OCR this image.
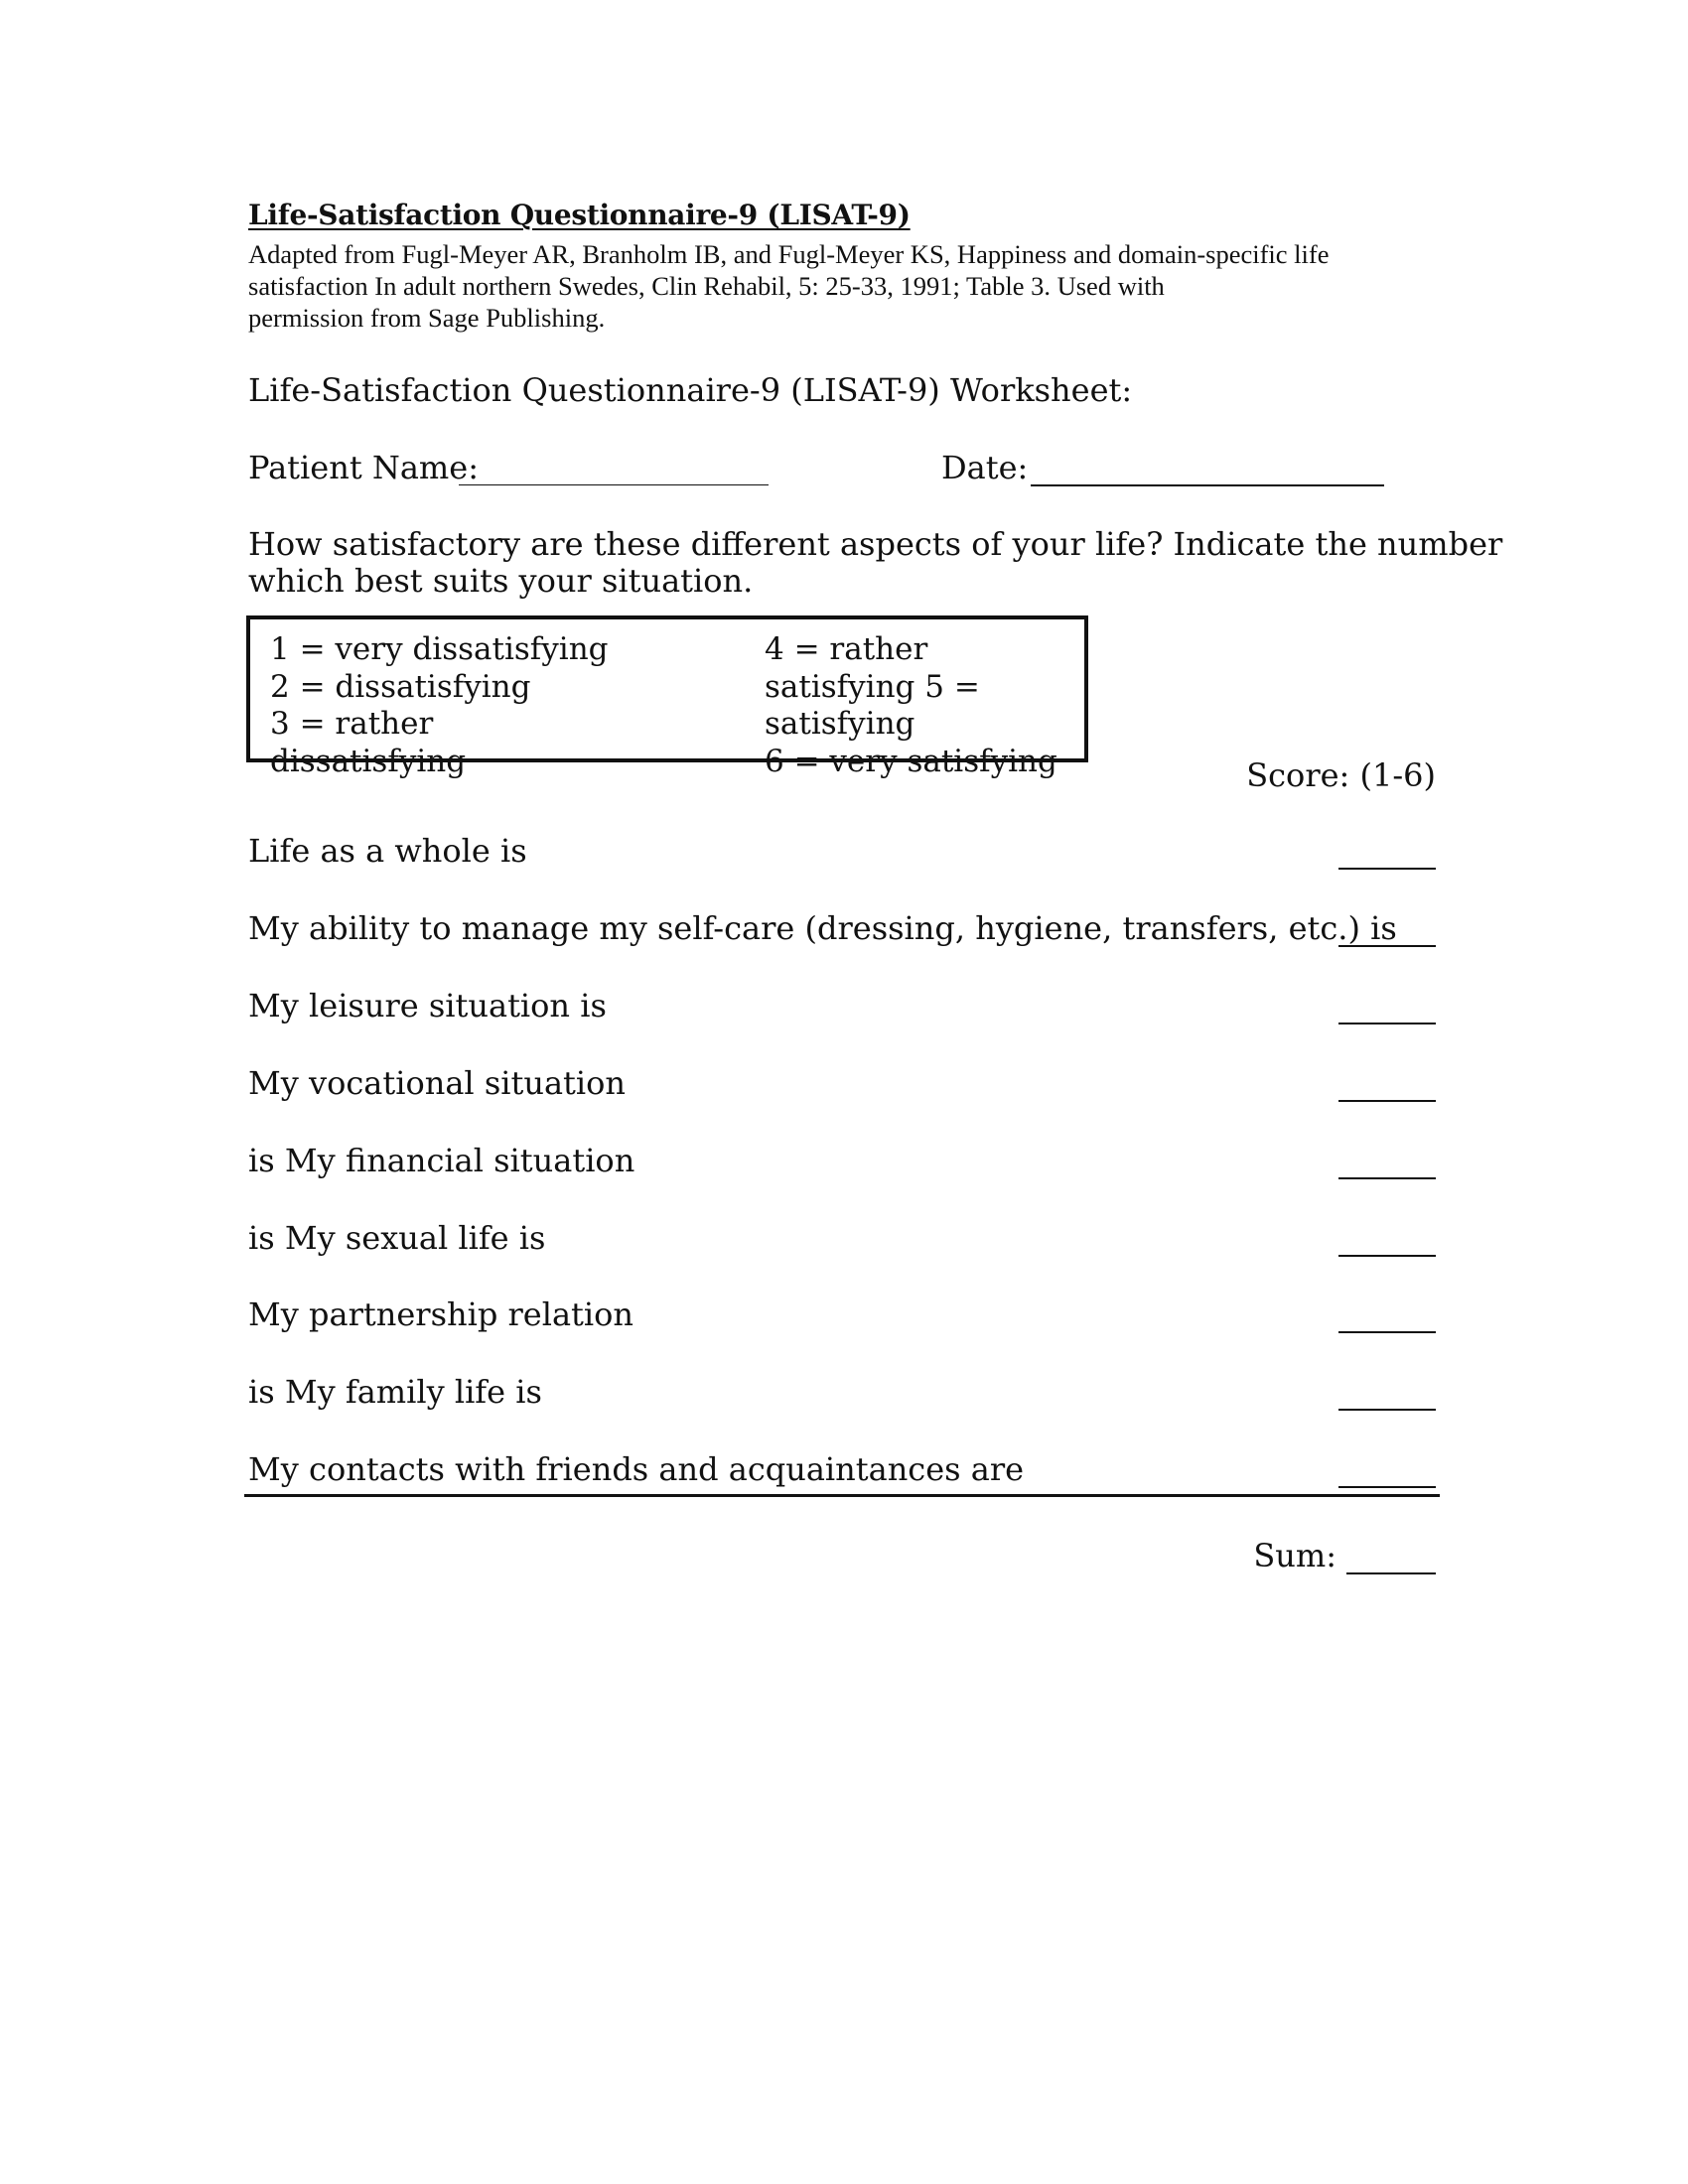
Life-Satisfaction Questionnaire-9 (LISAT-9)
Adapted from Fugl-Meyer AR, Branholm IB, and Fugl-Meyer KS, Happiness and domain-specific life
satisfaction In adult northern Swedes, Clin Rehabil, 5: 25-33, 1991; Table 3. Used with
permission from Sage Publishing.
Life-Satisfaction Questionnaire-9 (LISAT-9) Worksheet:
Patient Name:	Date:
How satisfactory are these different aspects of your life? Indicate the number
which best suits your situation.
1 = very dissatisfying
2 = dissatisfying
3 = rather
dissatisfying
4 = rather
satisfying 5 =
satisfying
6 = very satisfying	Score: (1-6)
Life as a whole is
My ability to manage my self-care (dressing, hygiene, transfers, etc.) is
My leisure situation is
My vocational situation
is My financial situation
is My sexual life is
My partnership relation
is My family life is
My contacts with friends and acquaintances are
Sum:
